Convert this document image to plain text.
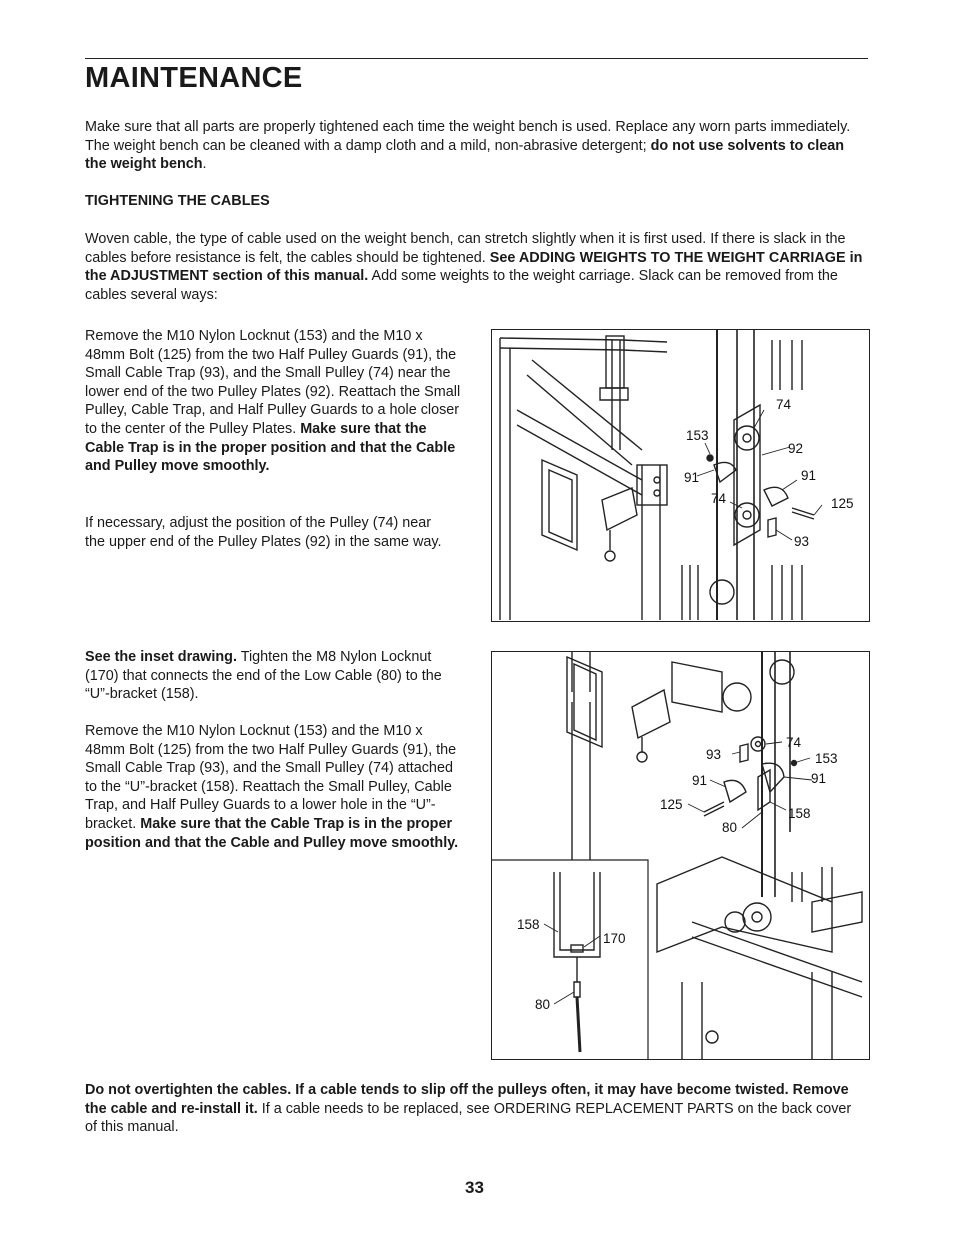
MAINTENANCE

Make sure that all parts are properly tightened each time the weight bench is used. Replace any worn parts immediately. The weight bench can be cleaned with a damp cloth and a mild, non-abrasive detergent; do not use solvents to clean the weight bench.

TIGHTENING THE CABLES

Woven cable, the type of cable used on the weight bench, can stretch slightly when it is first used. If there is slack in the cables before resistance is felt, the cables should be tightened. See ADDING WEIGHTS TO THE WEIGHT CARRIAGE in the ADJUSTMENT section of this manual. Add some weights to the weight carriage. Slack can be removed from the cables several ways:

Remove the M10 Nylon Locknut (153) and the M10 x 48mm Bolt (125) from the two Half Pulley Guards (91), the Small Cable Trap (93), and the Small Pulley (74) near the lower end of the two Pulley Plates (92). Reattach the Small Pulley, Cable Trap, and Half Pulley Guards to a hole closer to the center of the Pulley Plates. Make sure that the Cable Trap is in the proper position and that the Cable and Pulley move smoothly.

If necessary, adjust the position of the Pulley (74) near the upper end of the Pulley Plates (92) in the same way.

See the inset drawing. Tighten the M8 Nylon Locknut (170) that connects the end of the Low Cable (80) to the “U”-bracket (158).

Remove the M10 Nylon Locknut (153) and the M10 x 48mm Bolt (125) from the two Half Pulley Guards (91), the Small Cable Trap (93), and the Small Pulley (74) attached to the “U”-bracket (158). Reattach the Small Pulley, Cable Trap, and Half Pulley Guards to a lower hole in the “U”-bracket. Make sure that the Cable Trap is in the proper position and that the Cable and Pulley move smoothly.

74
153
92
91	91
74	125
93
74
93	153
91	91
125
158
80
158
170
80

Do not overtighten the cables. If a cable tends to slip off the pulleys often, it may have become twisted. Remove the cable and re-install it. If a cable needs to be replaced, see ORDERING REPLACEMENT PARTS on the back cover of this manual.

33
